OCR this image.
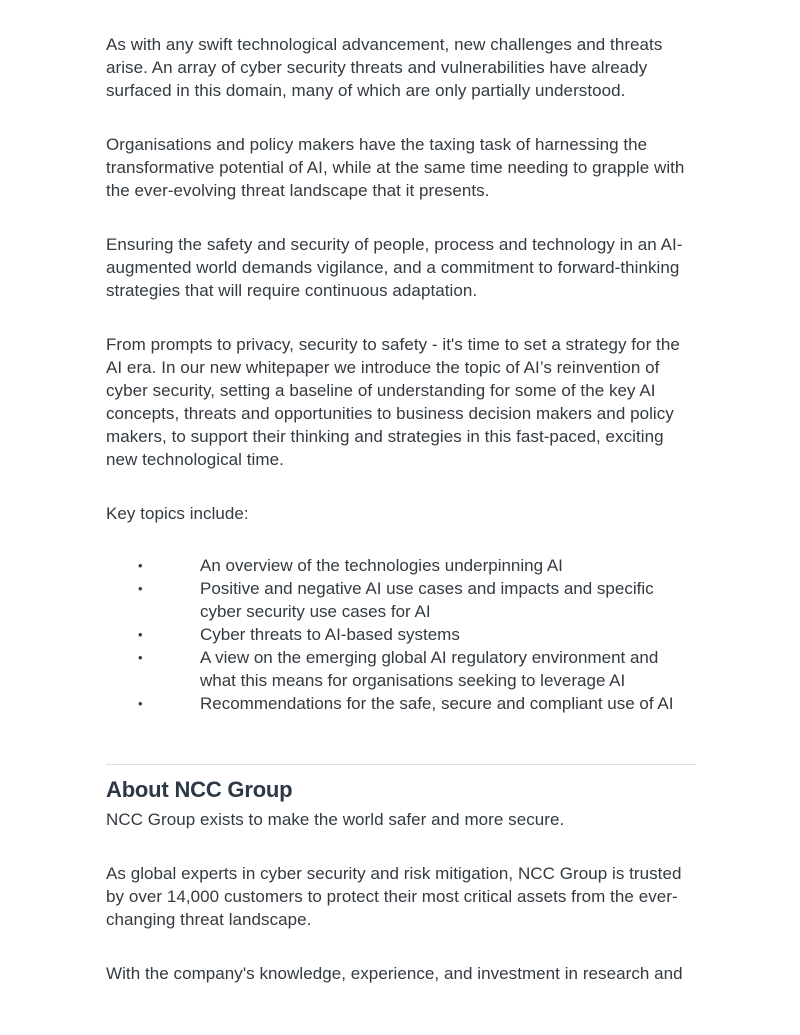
As with any swift technological advancement, new challenges and threats arise. An array of cyber security threats and vulnerabilities have already surfaced in this domain, many of which are only partially understood.

Organisations and policy makers have the taxing task of harnessing the transformative potential of AI, while at the same time needing to grapple with the ever-evolving threat landscape that it presents.

Ensuring the safety and security of people, process and technology in an AI-augmented world demands vigilance, and a commitment to forward-thinking strategies that will require continuous adaptation.

From prompts to privacy, security to safety - it's time to set a strategy for the AI era. In our new whitepaper we introduce the topic of AI’s reinvention of cyber security, setting a baseline of understanding for some of the key AI concepts, threats and opportunities to business decision makers and policy makers, to support their thinking and strategies in this fast-paced, exciting new technological time.

Key topics include:

•	An overview of the technologies underpinning AI
•	Positive and negative AI use cases and impacts and specific cyber security use cases for AI
•	Cyber threats to AI-based systems
•	A view on the emerging global AI regulatory environment and what this means for organisations seeking to leverage AI
•	Recommendations for the safe, secure and compliant use of AI
About NCC Group

NCC Group exists to make the world safer and more secure.

As global experts in cyber security and risk mitigation, NCC Group is trusted by over 14,000 customers to protect their most critical assets from the ever-changing threat landscape.

With the company's knowledge, experience, and investment in research and
